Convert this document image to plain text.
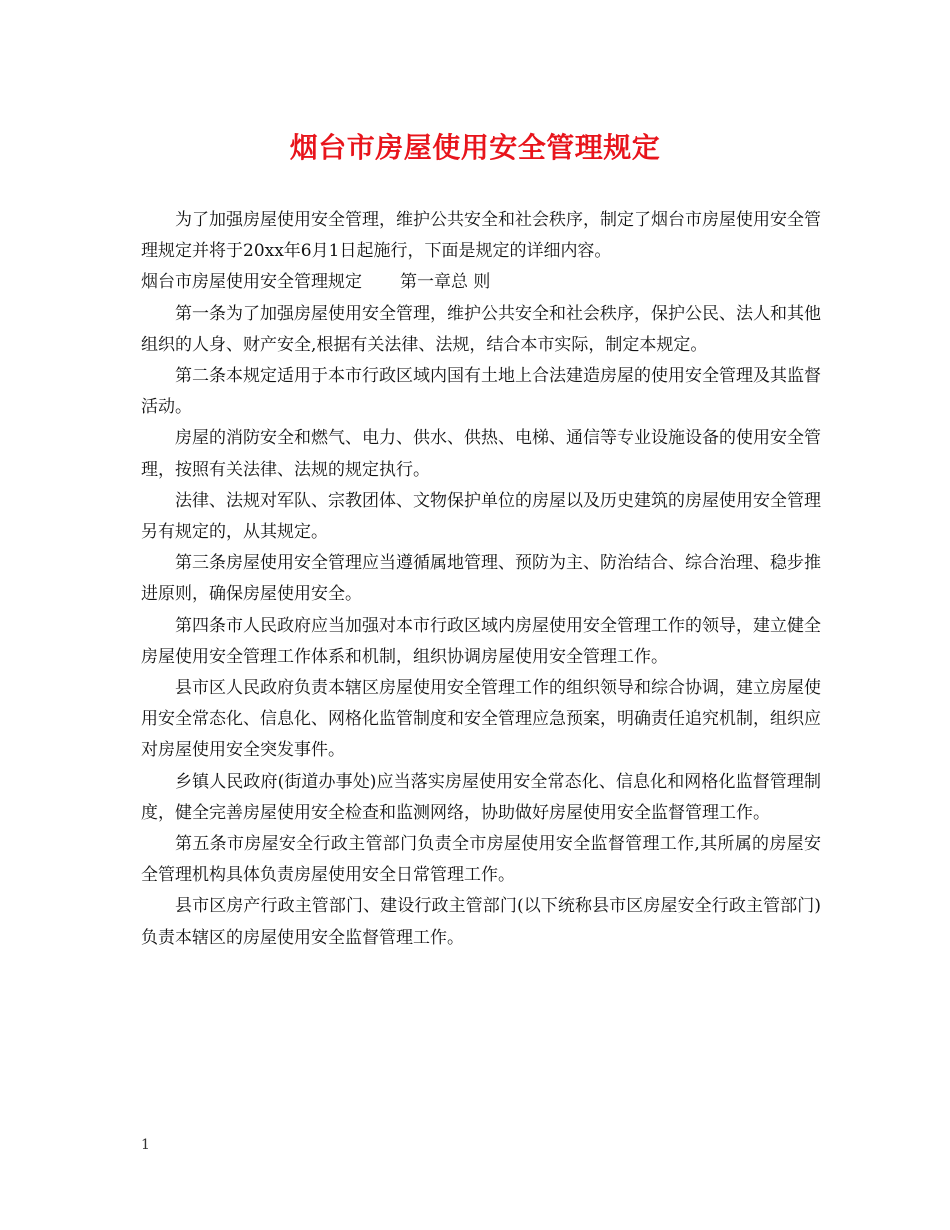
烟台市房屋使用安全管理规定

为了加强房屋使用安全管理，维护公共安全和社会秩序，制定了烟台市房屋使用安全管理规定并将于20xx年6月1日起施行，下面是规定的详细内容。

烟台市房屋使用安全管理规定 第一章总 则

第一条为了加强房屋使用安全管理，维护公共安全和社会秩序，保护公民、法人和其他组织的人身、财产安全,根据有关法律、法规，结合本市实际，制定本规定。

第二条本规定适用于本市行政区域内国有土地上合法建造房屋的使用安全管理及其监督活动。

房屋的消防安全和燃气、电力、供水、供热、电梯、通信等专业设施设备的使用安全管理，按照有关法律、法规的规定执行。

法律、法规对军队、宗教团体、文物保护单位的房屋以及历史建筑的房屋使用安全管理另有规定的，从其规定。

第三条房屋使用安全管理应当遵循属地管理、预防为主、防治结合、综合治理、稳步推进原则，确保房屋使用安全。

第四条市人民政府应当加强对本市行政区域内房屋使用安全管理工作的领导，建立健全房屋使用安全管理工作体系和机制，组织协调房屋使用安全管理工作。

县市区人民政府负责本辖区房屋使用安全管理工作的组织领导和综合协调，建立房屋使用安全常态化、信息化、网格化监管制度和安全管理应急预案，明确责任追究机制，组织应对房屋使用安全突发事件。

乡镇人民政府(街道办事处)应当落实房屋使用安全常态化、信息化和网格化监督管理制度，健全完善房屋使用安全检查和监测网络，协助做好房屋使用安全监督管理工作。

第五条市房屋安全行政主管部门负责全市房屋使用安全监督管理工作,其所属的房屋安全管理机构具体负责房屋使用安全日常管理工作。

县市区房产行政主管部门、建设行政主管部门(以下统称县市区房屋安全行政主管部门)负责本辖区的房屋使用安全监督管理工作。

1
